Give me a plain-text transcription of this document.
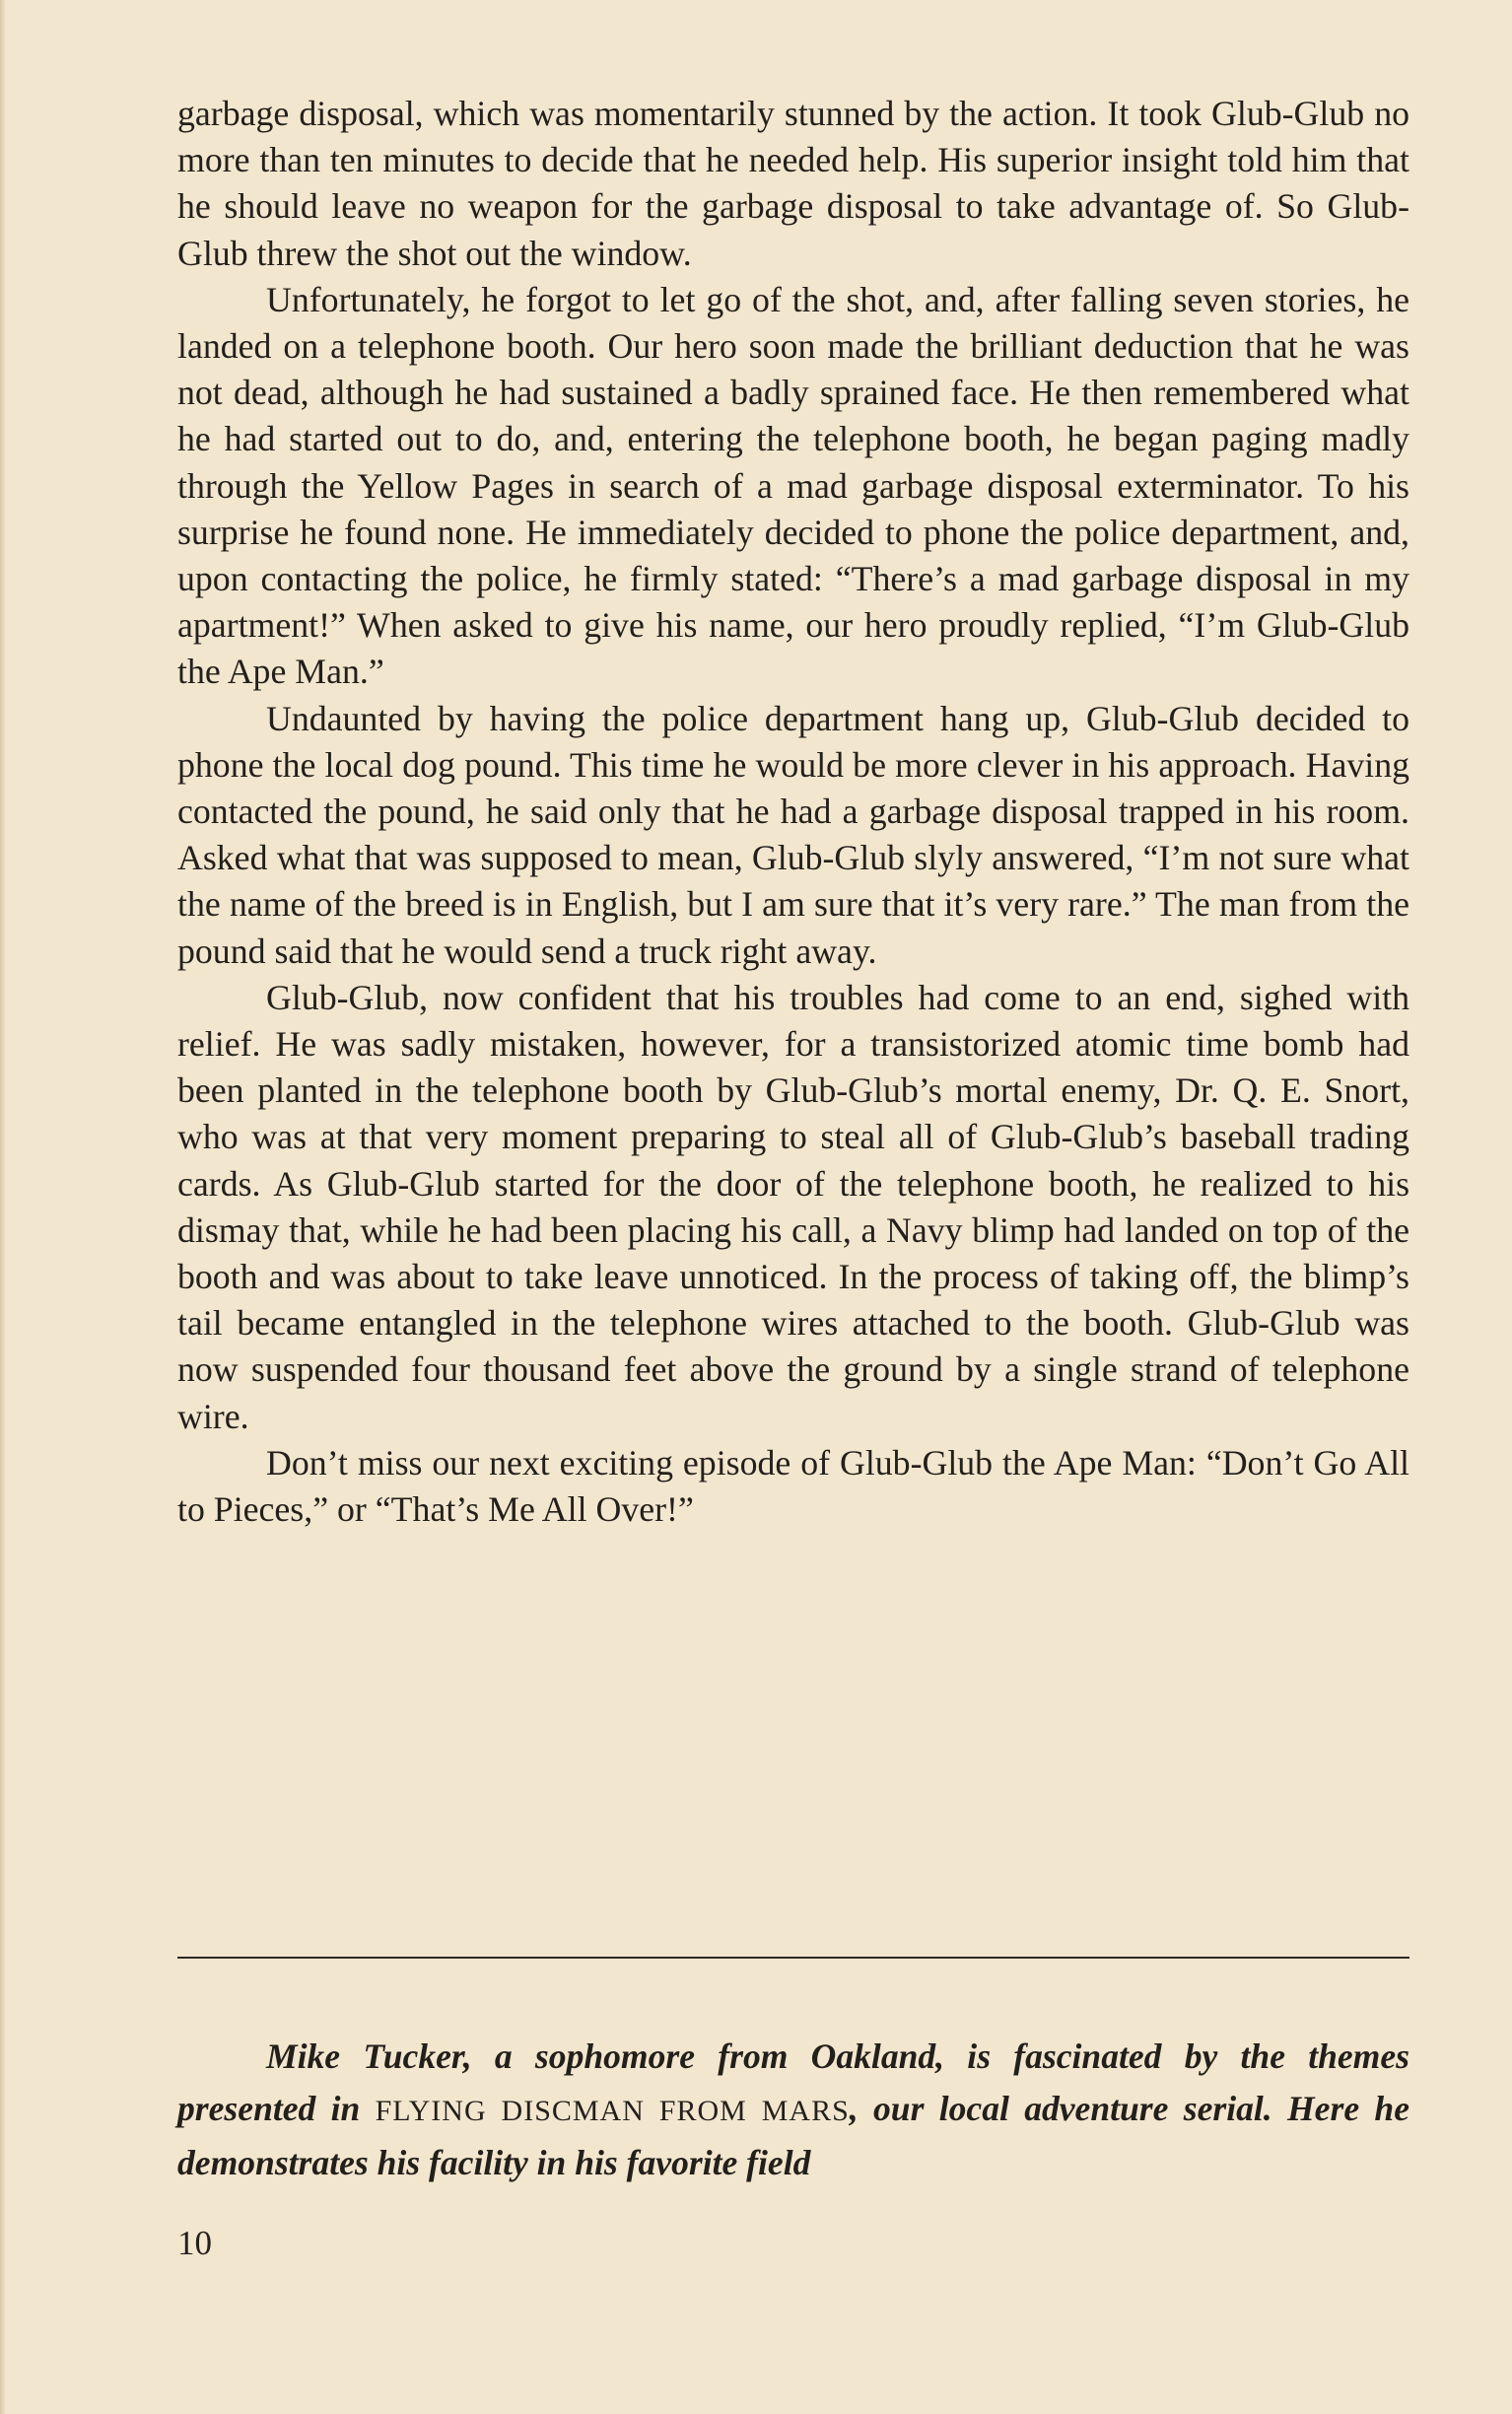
garbage disposal, which was momentarily stunned by the action. It took Glub-Glub no more than ten minutes to decide that he needed help. His superior insight told him that he should leave no weapon for the garbage disposal to take advantage of. So Glub-Glub threw the shot out the window.

Unfortunately, he forgot to let go of the shot, and, after falling seven stories, he landed on a telephone booth. Our hero soon made the brilliant deduction that he was not dead, although he had sustained a badly sprained face. He then remembered what he had started out to do, and, entering the telephone booth, he began paging madly through the Yellow Pages in search of a mad garbage disposal exterminator. To his surprise he found none. He immediately decided to phone the police department, and, upon contacting the police, he firmly stated: “There’s a mad garbage disposal in my apartment!” When asked to give his name, our hero proudly replied, “I’m Glub-Glub the Ape Man.”

Undaunted by having the police department hang up, Glub-Glub decided to phone the local dog pound. This time he would be more clever in his approach. Having contacted the pound, he said only that he had a garbage disposal trapped in his room. Asked what that was supposed to mean, Glub-Glub slyly answered, “I’m not sure what the name of the breed is in English, but I am sure that it’s very rare.” The man from the pound said that he would send a truck right away.

Glub-Glub, now confident that his troubles had come to an end, sighed with relief. He was sadly mistaken, however, for a transistorized atomic time bomb had been planted in the telephone booth by Glub-Glub’s mortal enemy, Dr. Q. E. Snort, who was at that very moment preparing to steal all of Glub-Glub’s baseball trading cards. As Glub-Glub started for the door of the telephone booth, he realized to his dismay that, while he had been placing his call, a Navy blimp had landed on top of the booth and was about to take leave unnoticed. In the process of taking off, the blimp’s tail became entangled in the telephone wires attached to the booth. Glub-Glub was now suspended four thousand feet above the ground by a single strand of telephone wire.

Don’t miss our next exciting episode of Glub-Glub the Ape Man: “Don’t Go All to Pieces,” or “That’s Me All Over!”

Mike Tucker, a sophomore from Oakland, is fascinated by the themes presented in FLYING DISCMAN FROM MARS, our local adventure serial. Here he demonstrates his facility in his favorite field
10
